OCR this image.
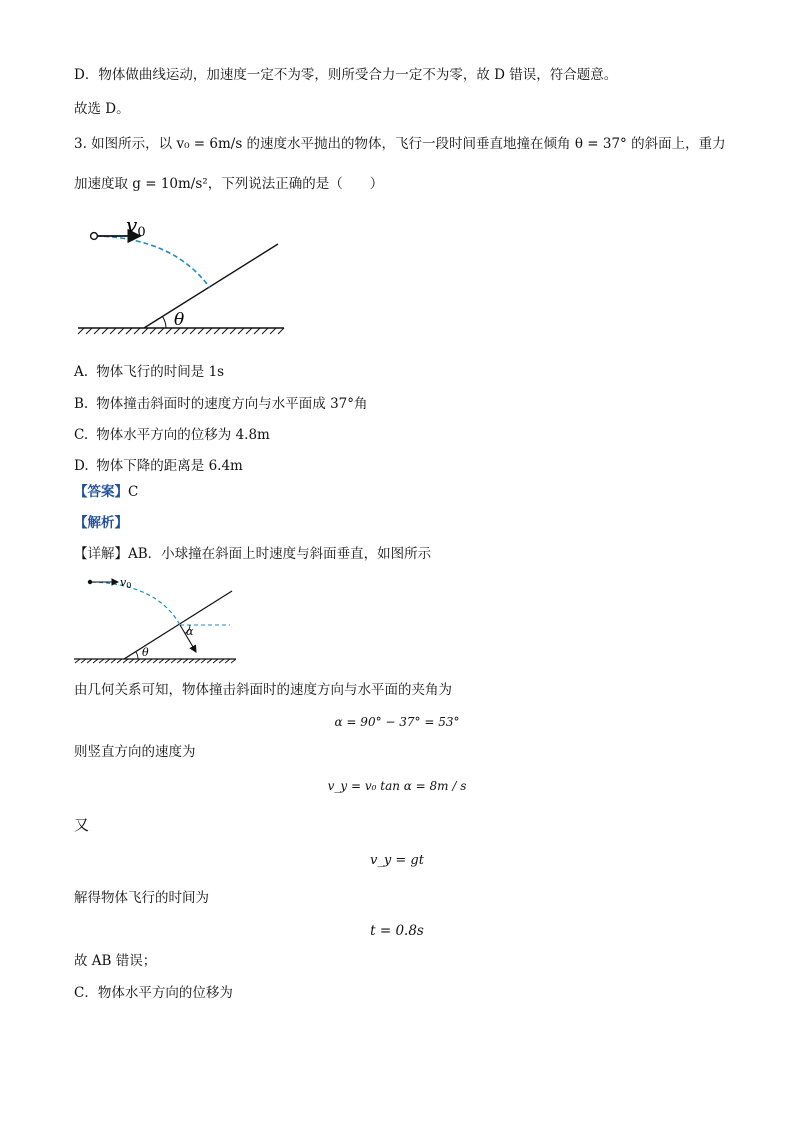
D．物体做曲线运动，加速度一定不为零，则所受合力一定不为零，故 D 错误，符合题意。
故选 D。
3. 如图所示，以 v₀ = 6m/s 的速度水平抛出的物体，飞行一段时间垂直地撞在倾角 θ = 37° 的斜面上，重力
加速度取 g = 10m/s²，下列说法正确的是（　　）
θ
$v_0$
A. 物体飞行的时间是 1s
B. 物体撞击斜面时的速度方向与水平面成 37°角
C. 物体水平方向的位移为 4.8m
D. 物体下降的距离是 6.4m
【答案】C
【解析】
【详解】AB．小球撞在斜面上时速度与斜面垂直，如图所示
θ
α
v0
由几何关系可知，物体撞击斜面时的速度方向与水平面的夹角为
α = 90° − 37° = 53°
则竖直方向的速度为
v_y = v₀ tan α = 8m / s
又
v_y = gt
解得物体飞行的时间为
t = 0.8s
故 AB 错误；
C．物体水平方向的位移为
